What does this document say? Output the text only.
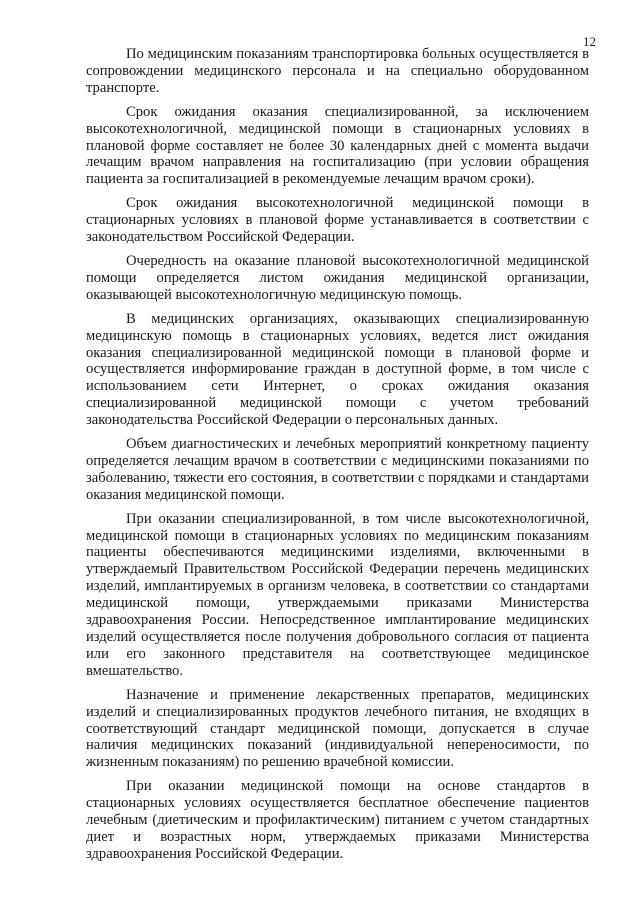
12

По медицинским показаниям транспортировка больных осуществляется в сопровождении медицинского персонала и на специально оборудованном транспорте.

Срок ожидания оказания специализированной, за исключением высокотехнологичной, медицинской помощи в стационарных условиях в плановой форме составляет не более 30 календарных дней с момента выдачи лечащим врачом направления на госпитализацию (при условии обращения пациента за госпитализацией в рекомендуемые лечащим врачом сроки).

Срок ожидания высокотехнологичной медицинской помощи в стационарных условиях в плановой форме устанавливается в соответствии с законодательством Российской Федерации.

Очередность на оказание плановой высокотехнологичной медицинской помощи определяется листом ожидания медицинской организации, оказывающей высокотехнологичную медицинскую помощь.

В медицинских организациях, оказывающих специализированную медицинскую помощь в стационарных условиях, ведется лист ожидания оказания специализированной медицинской помощи в плановой форме и осуществляется информирование граждан в доступной форме, в том числе с использованием сети Интернет, о сроках ожидания оказания специализированной медицинской помощи с учетом требований законодательства Российской Федерации о персональных данных.

Объем диагностических и лечебных мероприятий конкретному пациенту определяется лечащим врачом в соответствии с медицинскими показаниями по заболеванию, тяжести его состояния, в соответствии с порядками и стандартами оказания медицинской помощи.

При оказании специализированной, в том числе высокотехнологичной, медицинской помощи в стационарных условиях по медицинским показаниям пациенты обеспечиваются медицинскими изделиями, включенными в утверждаемый Правительством Российской Федерации перечень медицинских изделий, имплантируемых в организм человека, в соответствии со стандартами медицинской помощи, утверждаемыми приказами Министерства здравоохранения России. Непосредственное имплантирование медицинских изделий осуществляется после получения добровольного согласия от пациента или его законного представителя на соответствующее медицинское вмешательство.

Назначение и применение лекарственных препаратов, медицинских изделий и специализированных продуктов лечебного питания, не входящих в соответствующий стандарт медицинской помощи, допускается в случае наличия медицинских показаний (индивидуальной непереносимости, по жизненным показаниям) по решению врачебной комиссии.

При оказании медицинской помощи на основе стандартов в стационарных условиях осуществляется бесплатное обеспечение пациентов лечебным (диетическим и профилактическим) питанием с учетом стандартных диет и возрастных норм, утверждаемых приказами Министерства здравоохранения Российской Федерации.
